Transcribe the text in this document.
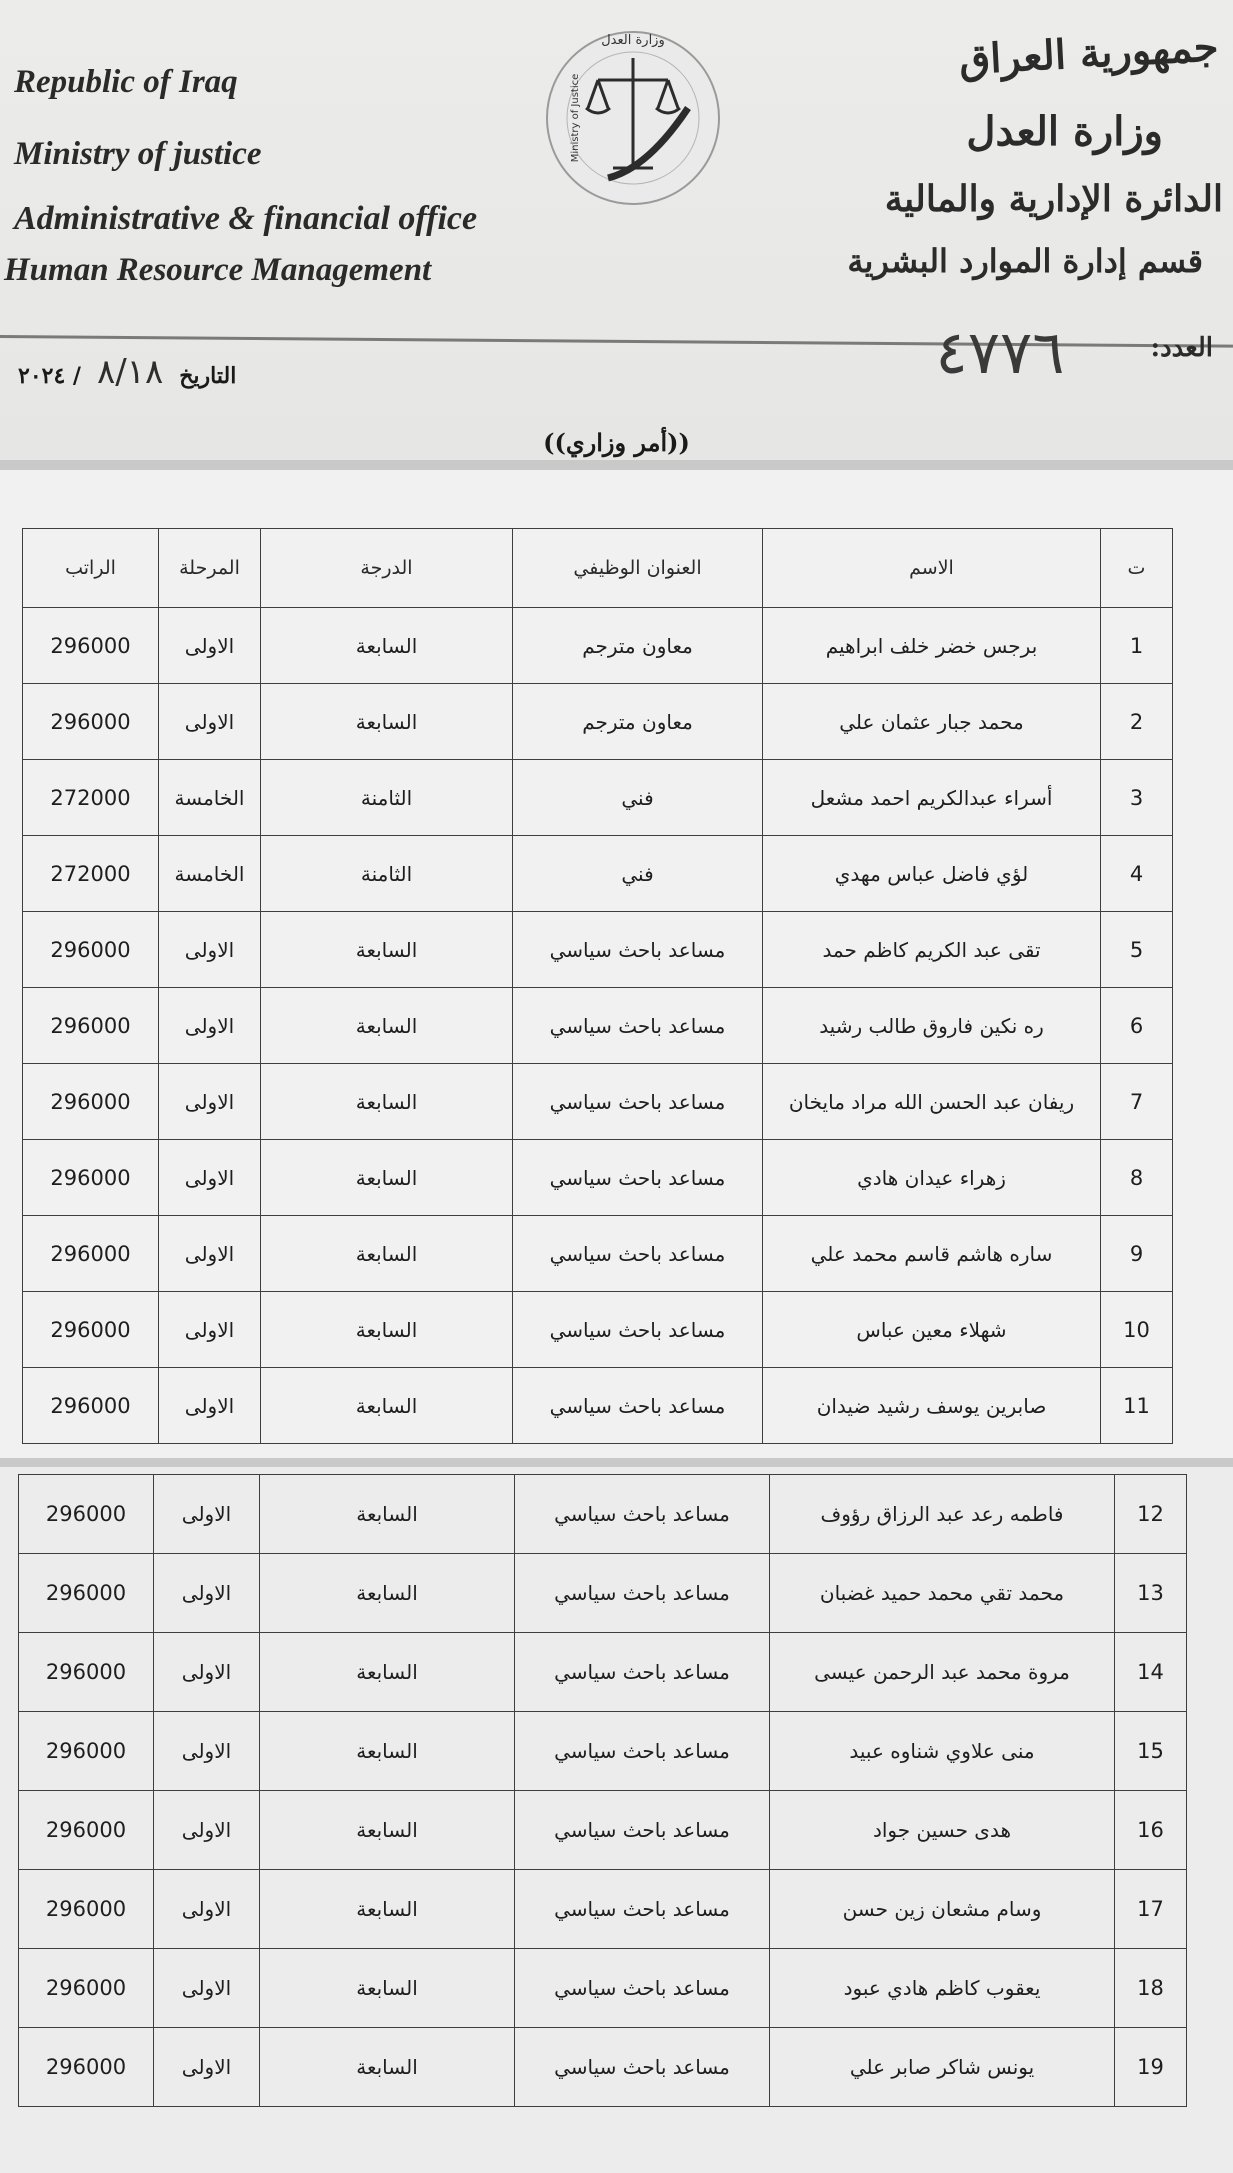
Republic of Iraq
Ministry of justice
Administrative & financial office
Human Resource Management
جمهورية العراق
وزارة العدل
الدائرة الإدارية والمالية
قسم إدارة الموارد البشرية
وزارة العدل
Ministry of Justice
العدد:
٤٧٧٦
التاريخ
٨/١٨
/ ٢٠٢٤
((أمر وزاري))
ت	الاسم	العنوان الوظيفي	الدرجة	المرحلة	الراتب
1	برجس خضر خلف ابراهيم	معاون مترجم	السابعة	الاولى	296000
2	محمد جبار عثمان علي	معاون مترجم	السابعة	الاولى	296000
3	أسراء عبدالكريم احمد مشعل	فني	الثامنة	الخامسة	272000
4	لؤي فاضل عباس مهدي	فني	الثامنة	الخامسة	272000
5	تقى عبد الكريم كاظم حمد	مساعد باحث سياسي	السابعة	الاولى	296000
6	ره نكين فاروق طالب رشيد	مساعد باحث سياسي	السابعة	الاولى	296000
7	ريفان عبد الحسن الله مراد مايخان	مساعد باحث سياسي	السابعة	الاولى	296000
8	زهراء عيدان هادي	مساعد باحث سياسي	السابعة	الاولى	296000
9	ساره هاشم قاسم محمد علي	مساعد باحث سياسي	السابعة	الاولى	296000
10	شهلاء معين عباس	مساعد باحث سياسي	السابعة	الاولى	296000
11	صابرين يوسف رشيد ضيدان	مساعد باحث سياسي	السابعة	الاولى	296000
12	فاطمه رعد عبد الرزاق رؤوف	مساعد باحث سياسي	السابعة	الاولى	296000
13	محمد تقي محمد حميد غضبان	مساعد باحث سياسي	السابعة	الاولى	296000
14	مروة محمد عبد الرحمن عيسى	مساعد باحث سياسي	السابعة	الاولى	296000
15	منى علاوي شناوه عبيد	مساعد باحث سياسي	السابعة	الاولى	296000
16	هدى حسين جواد	مساعد باحث سياسي	السابعة	الاولى	296000
17	وسام مشعان زين حسن	مساعد باحث سياسي	السابعة	الاولى	296000
18	يعقوب كاظم هادي عبود	مساعد باحث سياسي	السابعة	الاولى	296000
19	يونس شاكر صابر علي	مساعد باحث سياسي	السابعة	الاولى	296000
